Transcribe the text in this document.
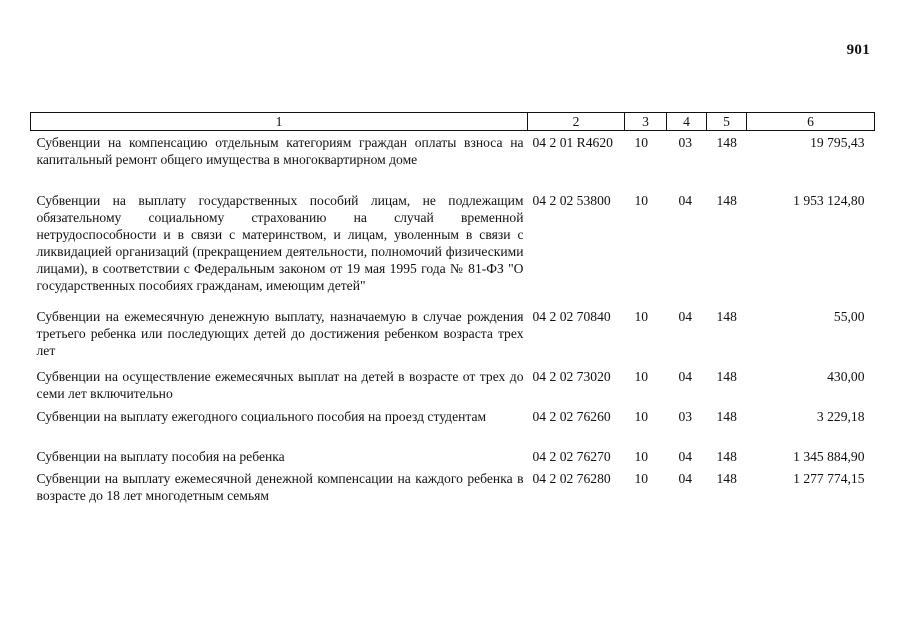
901
1	2	3	4	5	6
Субвенции на компенсацию отдельным категориям граждан оплаты взноса на капитальный ремонт общего имущества в многоквартирном доме	04 2 01 R4620	10	03	148	19 795,43
Субвенции на выплату государственных пособий лицам, не подлежащим обязательному социальному страхованию на случай временной нетрудоспособности и в связи с материнством, и лицам, уволенным в связи с ликвидацией организаций (прекращением деятельности, полномочий физическими лицами), в соответствии с Федеральным законом от 19 мая 1995 года № 81-ФЗ "О государственных пособиях гражданам, имеющим детей"	04 2 02 53800	10	04	148	1 953 124,80
Субвенции на ежемесячную денежную выплату, назначаемую в случае рождения третьего ребенка или последующих детей до достижения ребенком возраста трех лет	04 2 02 70840	10	04	148	55,00
Субвенции на осуществление ежемесячных выплат на детей в возрасте от трех до семи лет включительно	04 2 02 73020	10	04	148	430,00
Субвенции на выплату ежегодного социального пособия на проезд студентам	04 2 02 76260	10	03	148	3 229,18
Субвенции на выплату пособия на ребенка	04 2 02 76270	10	04	148	1 345 884,90
Субвенции на выплату ежемесячной денежной компенсации на каждого ребенка в возрасте до 18 лет многодетным семьям	04 2 02 76280	10	04	148	1 277 774,15
